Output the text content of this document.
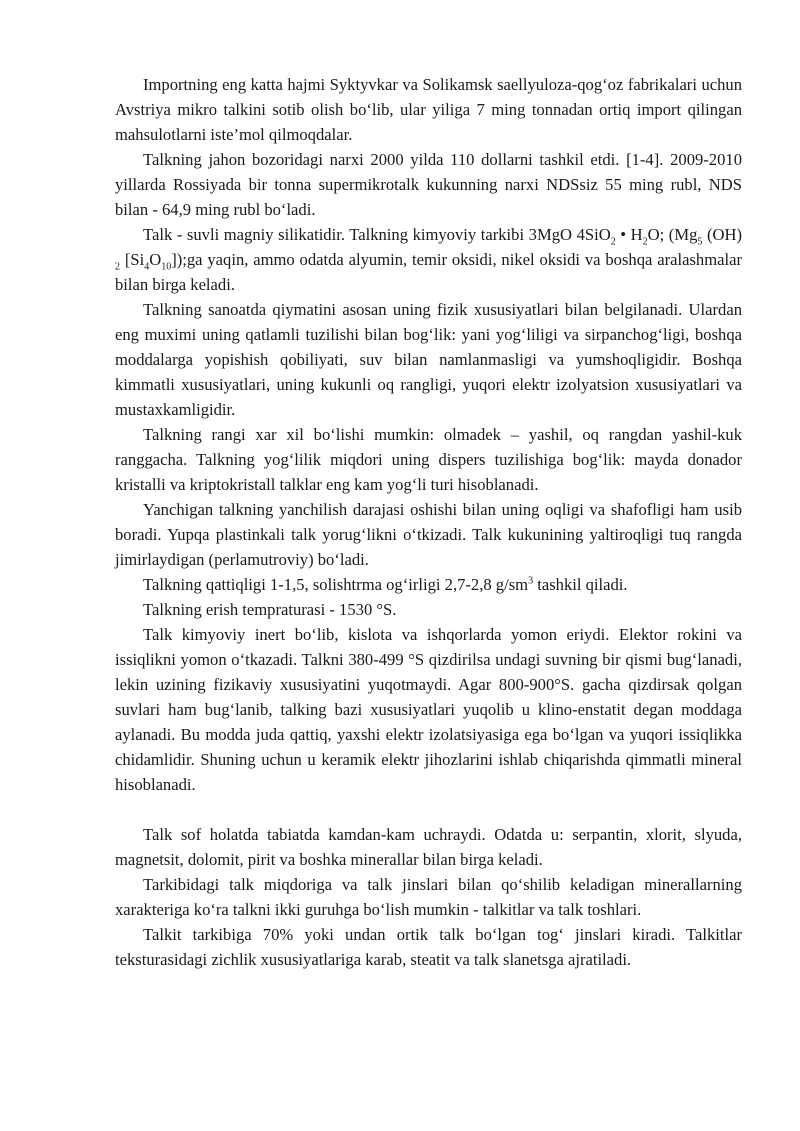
Importning eng katta hajmi Syktyvkar va Solikamsk saellyuloza-qog‘oz fabrikalari uchun Avstriya mikro talkini sotib olish bo‘lib, ular yiliga 7 ming tonnadan ortiq import qilingan mahsulotlarni iste’mol qilmoqdalar.

Talkning jahon bozoridagi narxi 2000 yilda 110 dollarni tashkil etdi. [1-4]. 2009-2010 yillarda Rossiyada bir tonna supermikrotalk kukunning narxi NDSsiz 55 ming rubl, NDS bilan - 64,9 ming rubl bo‘ladi.

Talk - suvli magniy silikatidir. Talkning kimyoviy tarkibi 3MgO 4SiO$_2$ • $H_2O$; ($Mg_5$ (OH) $_2$ $[Si_4O_{10}]);ga$ yaqin, ammo odatda alyumin, temir oksidi, nikel oksidi va boshqa aralashmalar bilan birga keladi.

Talkning sanoatda qiymatini asosan uning fizik xususiyatlari bilan belgilanadi. Ulardan eng muximi uning qatlamli tuzilishi bilan bog‘lik: yani yog‘liligi va sirpanchog‘ligi, boshqa moddalarga yopishish qobiliyati, suv bilan namlanmasligi va yumshoqligidir. Boshqa kimmatli xususiyatlari, uning kukunli oq rangligi, yuqori elektr izolyatsion xususiyatlari va mustaxkamligidir.

Talkning rangi xar xil bo‘lishi mumkin: olmadek – yashil, oq rangdan yashil-kuk ranggacha. Talkning yog‘lilik miqdori uning dispers tuzilishiga bog‘lik: mayda donador kristalli va kriptokristall talklar eng kam yog‘li turi hisoblanadi.

Yanchigan talkning yanchilish darajasi oshishi bilan uning oqligi va shafofligi ham usib boradi. Yupqa plastinkali talk yorug‘likni o‘tkizadi. Talk kukunining yaltiroqligi tuq rangda jimirlaydigan (perlamutroviy) bo‘ladi.

Talkning qattiqligi 1-1,5, solishtrma og‘irligi 2,7-2,8 $g/sm^3$ tashkil qiladi.

Talkning erish tempraturasi - 1530 °S.

Talk kimyoviy inert bo‘lib, kislota va ishqorlarda yomon eriydi. Elektor rokini va issiqlikni yomon o‘tkazadi. Talkni 380-499 °S qizdirilsa undagi suvning bir qismi bug‘lanadi, lekin uzining fizikaviy xususiyatini yuqotmaydi. Agar 800-900°S. gacha qizdirsak qolgan suvlari ham bug‘lanib, talking bazi xususiyatlari yuqolib u klino-enstatit degan moddaga aylanadi. Bu modda juda qattiq, yaxshi elektr izolatsiyasiga ega bo‘lgan va yuqori issiqlikka chidamlidir. Shuning uchun u keramik elektr jihozlarini ishlab chiqarishda qimmatli mineral hisoblanadi.

Talk sof holatda tabiatda kamdan-kam uchraydi. Odatda u: serpantin, xlorit, slyuda, magnetsit, dolomit, pirit va boshka minerallar bilan birga keladi.

Tarkibidagi talk miqdoriga va talk jinslari bilan qo‘shilib keladigan minerallarning xarakteriga ko‘ra talkni ikki guruhga bo‘lish mumkin - talkitlar va talk toshlari.

Talkit tarkibiga 70% yoki undan ortik talk bo‘lgan tog‘ jinslari kiradi. Talkitlar teksturasidagi zichlik xususiyatlariga karab, steatit va talk slanetsga ajratiladi.
